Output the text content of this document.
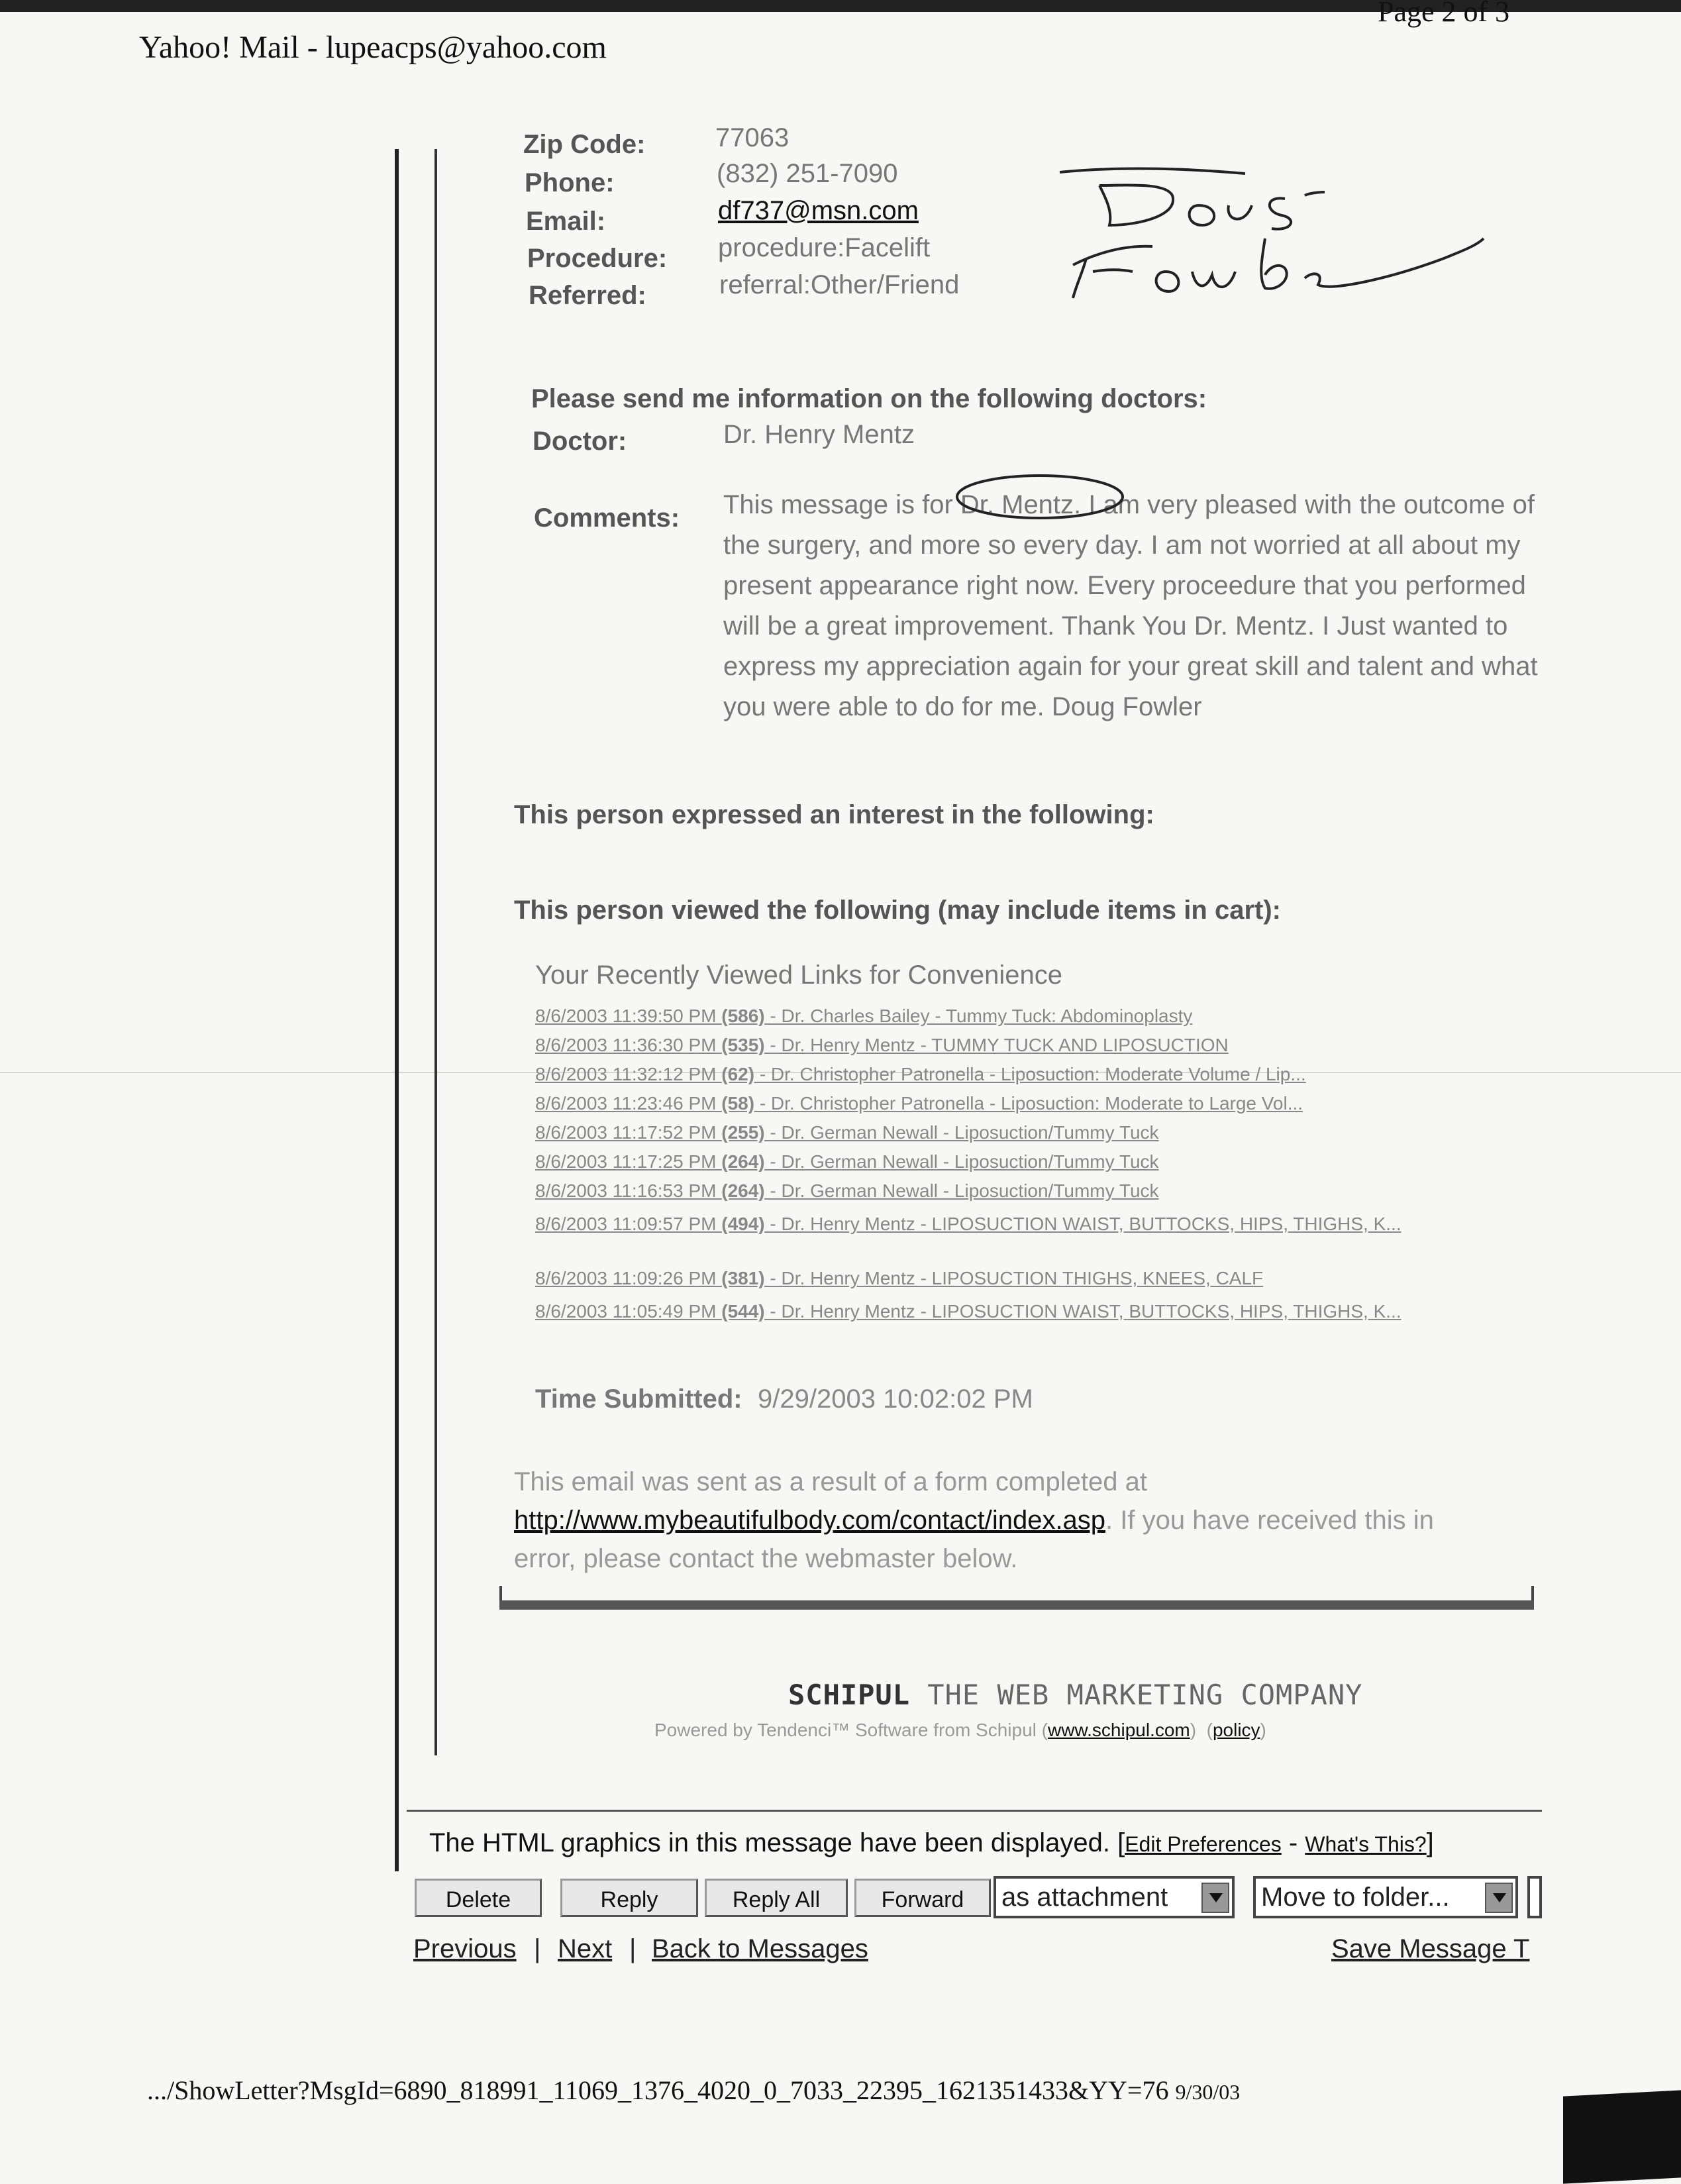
Page 2 of 3
Yahoo! Mail - lupeacps@yahoo.com
Zip Code:	77063
Phone:	(832) 251-7090
Email:	df737@msn.com
Procedure: procedure:Facelift
Referred:	referral:Other/Friend
Please send me information on the following doctors:
Doctor:	Dr. Henry Mentz
Comments: This message is for Dr. Mentz. I am very pleased with the outcome of the surgery, and more so every day. I am not worried at all about my present appearance right now. Every proceedure that you performed will be a great improvement. Thank You Dr. Mentz. I Just wanted to express my appreciation again for your great skill and talent and what you were able to do for me. Doug Fowler
This person expressed an interest in the following:
This person viewed the following (may include items in cart):
Your Recently Viewed Links for Convenience
8/6/2003 11:39:50 PM (586) - Dr. Charles Bailey - Tummy Tuck: Abdominoplasty
8/6/2003 11:36:30 PM (535) - Dr. Henry Mentz - TUMMY TUCK AND LIPOSUCTION
8/6/2003 11:32:12 PM (62) - Dr. Christopher Patronella - Liposuction: Moderate Volume / Lip...
8/6/2003 11:23:46 PM (58) - Dr. Christopher Patronella - Liposuction: Moderate to Large Vol...
8/6/2003 11:17:52 PM (255) - Dr. German Newall - Liposuction/Tummy Tuck
8/6/2003 11:17:25 PM (264) - Dr. German Newall - Liposuction/Tummy Tuck
8/6/2003 11:16:53 PM (264) - Dr. German Newall - Liposuction/Tummy Tuck
8/6/2003 11:09:57 PM (494) - Dr. Henry Mentz - LIPOSUCTION WAIST, BUTTOCKS, HIPS, THIGHS, K...
8/6/2003 11:09:26 PM (381) - Dr. Henry Mentz - LIPOSUCTION THIGHS, KNEES, CALF
8/6/2003 11:05:49 PM (544) - Dr. Henry Mentz - LIPOSUCTION WAIST, BUTTOCKS, HIPS, THIGHS, K...
Time Submitted: 9/29/2003 10:02:02 PM
This email was sent as a result of a form completed at http://www.mybeautifulbody.com/contact/index.asp. If you have received this in error, please contact the webmaster below.
SCHIPUL THE WEB MARKETING COMPANY
Powered by Tendenci™ Software from Schipul (www.schipul.com)  (policy)
The HTML graphics in this message have been displayed. [Edit Preferences - What's This?]
Delete	Reply	Reply All	Forward	as attachment	Move to folder...
Previous | Next | Back to Messages	Save Message T
.../ShowLetter?MsgId=6890_818991_11069_1376_4020_0_7033_22395_1621351433&YY=76 9/30/03
